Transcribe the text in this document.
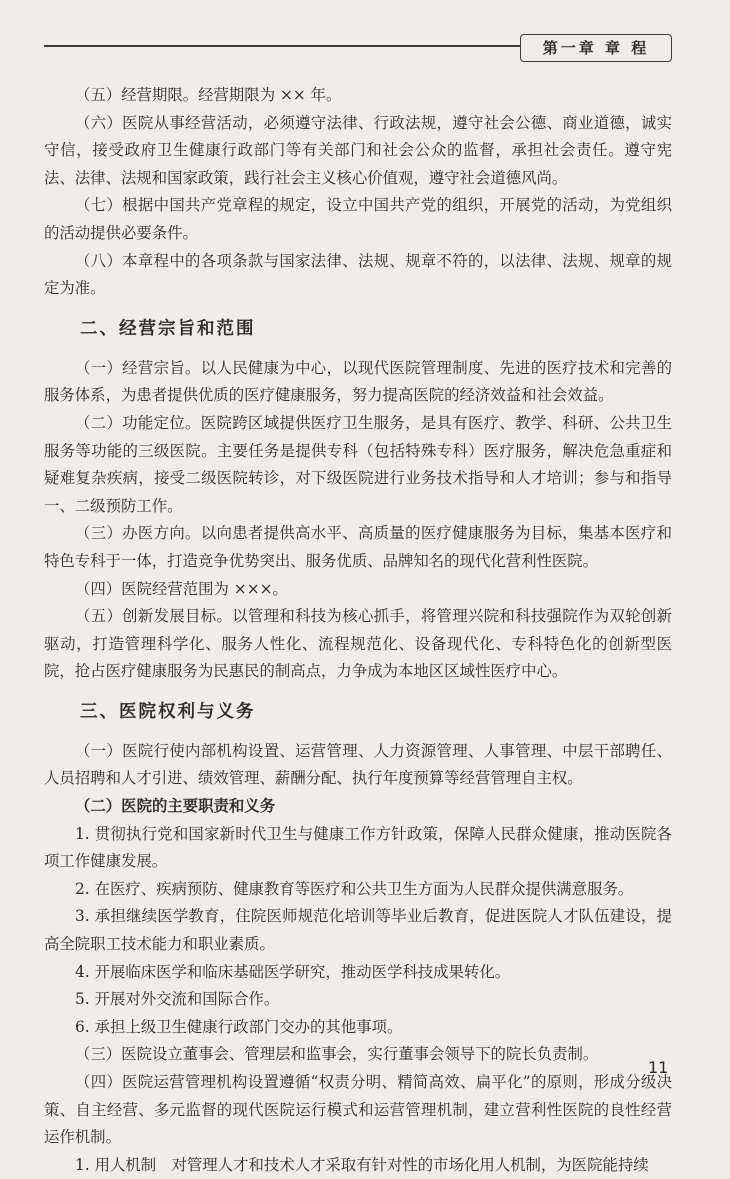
第一章 章 程

（五）经营期限。经营期限为 ×× 年。

（六）医院从事经营活动，必须遵守法律、行政法规，遵守社会公德、商业道德，诚实守信，接受政府卫生健康行政部门等有关部门和社会公众的监督，承担社会责任。遵守宪法、法律、法规和国家政策，践行社会主义核心价值观，遵守社会道德风尚。

（七）根据中国共产党章程的规定，设立中国共产党的组织，开展党的活动，为党组织的活动提供必要条件。

（八）本章程中的各项条款与国家法律、法规、规章不符的，以法律、法规、规章的规定为准。

二、经营宗旨和范围

（一）经营宗旨。以人民健康为中心，以现代医院管理制度、先进的医疗技术和完善的服务体系，为患者提供优质的医疗健康服务，努力提高医院的经济效益和社会效益。

（二）功能定位。医院跨区域提供医疗卫生服务，是具有医疗、教学、科研、公共卫生服务等功能的三级医院。主要任务是提供专科（包括特殊专科）医疗服务，解决危急重症和疑难复杂疾病，接受二级医院转诊，对下级医院进行业务技术指导和人才培训；参与和指导一、二级预防工作。

（三）办医方向。以向患者提供高水平、高质量的医疗健康服务为目标，集基本医疗和特色专科于一体，打造竞争优势突出、服务优质、品牌知名的现代化营利性医院。

（四）医院经营范围为 ×××。

（五）创新发展目标。以管理和科技为核心抓手，将管理兴院和科技强院作为双轮创新驱动，打造管理科学化、服务人性化、流程规范化、设备现代化、专科特色化的创新型医院，抢占医疗健康服务为民惠民的制高点，力争成为本地区区域性医疗中心。

三、医院权利与义务

（一）医院行使内部机构设置、运营管理、人力资源管理、人事管理、中层干部聘任、人员招聘和人才引进、绩效管理、薪酬分配、执行年度预算等经营管理自主权。

（二）医院的主要职责和义务

1. 贯彻执行党和国家新时代卫生与健康工作方针政策，保障人民群众健康，推动医院各项工作健康发展。

2. 在医疗、疾病预防、健康教育等医疗和公共卫生方面为人民群众提供满意服务。

3. 承担继续医学教育，住院医师规范化培训等毕业后教育，促进医院人才队伍建设，提高全院职工技术能力和职业素质。

4. 开展临床医学和临床基础医学研究，推动医学科技成果转化。

5. 开展对外交流和国际合作。

6. 承担上级卫生健康行政部门交办的其他事项。

（三）医院设立董事会、管理层和监事会，实行董事会领导下的院长负责制。

（四）医院运营管理机构设置遵循“权责分明、精简高效、扁平化”的原则，形成分级决策、自主经营、多元监督的现代医院运行模式和运营管理机制，建立营利性医院的良性经营运作机制。

1. 用人机制　对管理人才和技术人才采取有针对性的市场化用人机制，为医院能持续

11
